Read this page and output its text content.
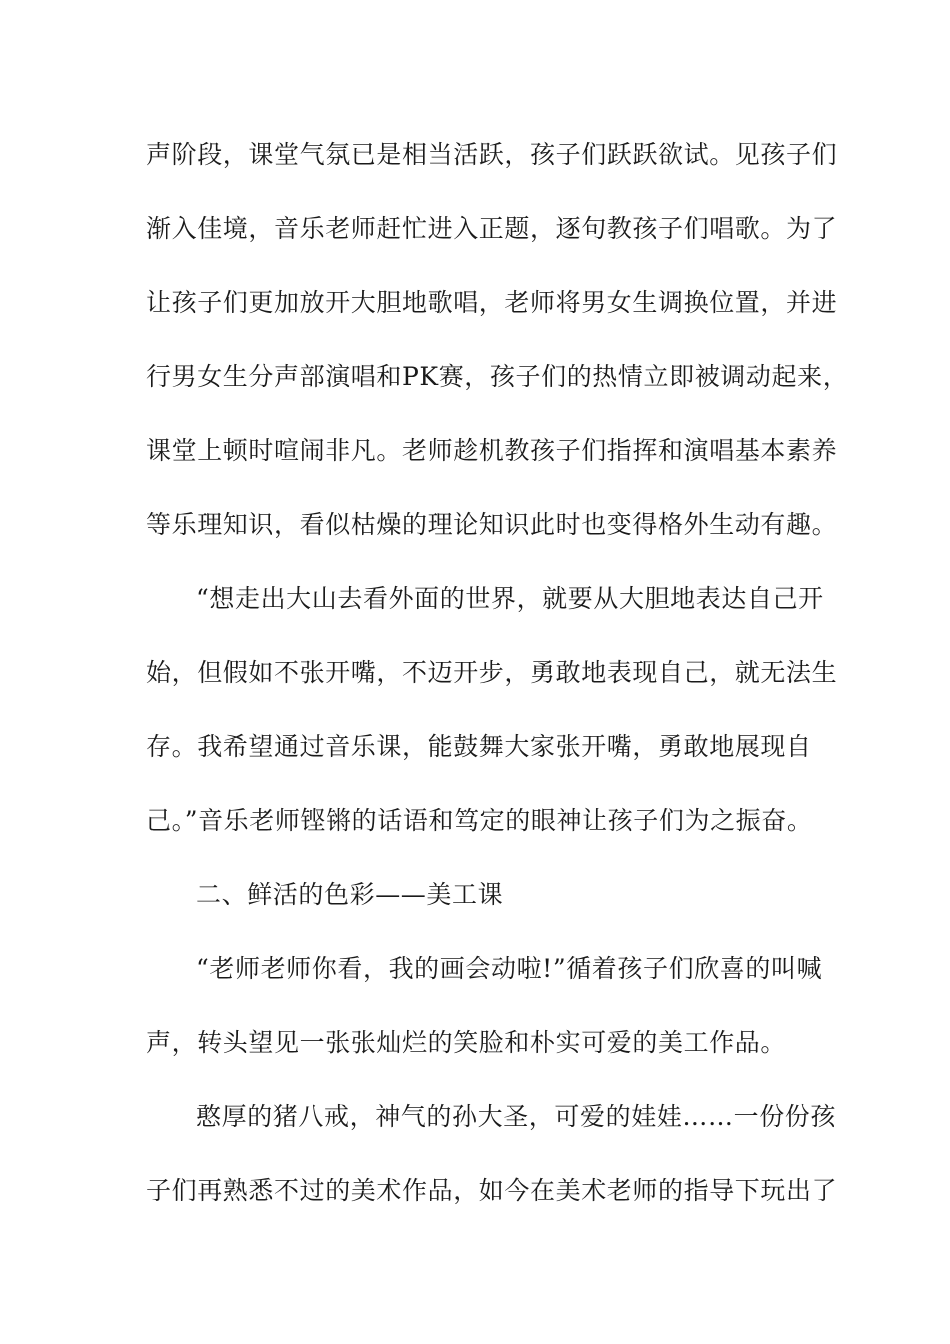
声阶段，课堂气氛已是相当活跃，孩子们跃跃欲试。见孩子们
渐入佳境，音乐老师赶忙进入正题，逐句教孩子们唱歌。为了
让孩子们更加放开大胆地歌唱，老师将男女生调换位置，并进
行男女生分声部演唱和PK赛，孩子们的热情立即被调动起来，
课堂上顿时喧闹非凡。老师趁机教孩子们指挥和演唱基本素养
等乐理知识，看似枯燥的理论知识此时也变得格外生动有趣。
“想走出大山去看外面的世界，就要从大胆地表达自己开
始，但假如不张开嘴，不迈开步，勇敢地表现自己，就无法生
存。我希望通过音乐课，能鼓舞大家张开嘴，勇敢地展现自
己。”音乐老师铿锵的话语和笃定的眼神让孩子们为之振奋。
二、鲜活的色彩——美工课
“老师老师你看，我的画会动啦!”循着孩子们欣喜的叫喊
声，转头望见一张张灿烂的笑脸和朴实可爱的美工作品。
憨厚的猪八戒，神气的孙大圣，可爱的娃娃……一份份孩
子们再熟悉不过的美术作品，如今在美术老师的指导下玩出了
